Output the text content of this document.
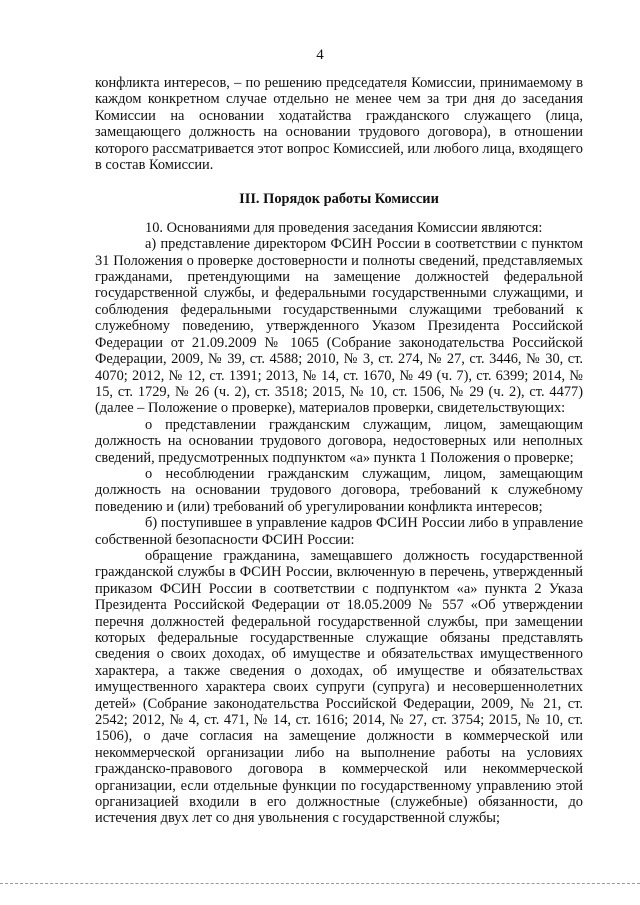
4

конфликта интересов, – по решению председателя Комиссии, принимаемому в каждом конкретном случае отдельно не менее чем за три дня до заседания Комиссии на основании ходатайства гражданского служащего (лица, замещающего должность на основании трудового договора), в отношении которого рассматривается этот вопрос Комиссией, или любого лица, входящего в состав Комиссии.

III. Порядок работы Комиссии

10. Основаниями для проведения заседания Комиссии являются:

а) представление директором ФСИН России в соответствии с пунктом 31 Положения о проверке достоверности и полноты сведений, представляемых гражданами, претендующими на замещение должностей федеральной государственной службы, и федеральными государственными служащими, и соблюдения федеральными государственными служащими требований к служебному поведению, утвержденного Указом Президента Российской Федерации от 21.09.2009 № 1065 (Собрание законодательства Российской Федерации, 2009, № 39, ст. 4588; 2010, № 3, ст. 274, № 27, ст. 3446, № 30, ст. 4070; 2012, № 12, ст. 1391; 2013, № 14, ст. 1670, № 49 (ч. 7), ст. 6399; 2014, № 15, ст. 1729, № 26 (ч. 2), ст. 3518; 2015, № 10, ст. 1506, № 29 (ч. 2), ст. 4477) (далее – Положение о проверке), материалов проверки, свидетельствующих:

о представлении гражданским служащим, лицом, замещающим должность на основании трудового договора, недостоверных или неполных сведений, предусмотренных подпунктом «а» пункта 1 Положения о проверке;

о несоблюдении гражданским служащим, лицом, замещающим должность на основании трудового договора, требований к служебному поведению и (или) требований об урегулировании конфликта интересов;

б) поступившее в управление кадров ФСИН России либо в управление собственной безопасности ФСИН России:

обращение гражданина, замещавшего должность государственной гражданской службы в ФСИН России, включенную в перечень, утвержденный приказом ФСИН России в соответствии с подпунктом «а» пункта 2 Указа Президента Российской Федерации от 18.05.2009 № 557 «Об утверждении перечня должностей федеральной государственной службы, при замещении которых федеральные государственные служащие обязаны представлять сведения о своих доходах, об имуществе и обязательствах имущественного характера, а также сведения о доходах, об имуществе и обязательствах имущественного характера своих супруги (супруга) и несовершеннолетних детей» (Собрание законодательства Российской Федерации, 2009, № 21, ст. 2542; 2012, № 4, ст. 471, № 14, ст. 1616; 2014, № 27, ст. 3754; 2015, № 10, ст. 1506), о даче согласия на замещение должности в коммерческой или некоммерческой организации либо на выполнение работы на условиях гражданско-правового договора в коммерческой или некоммерческой организации, если отдельные функции по государственному управлению этой организацией входили в его должностные (служебные) обязанности, до истечения двух лет со дня увольнения с государственной службы;
